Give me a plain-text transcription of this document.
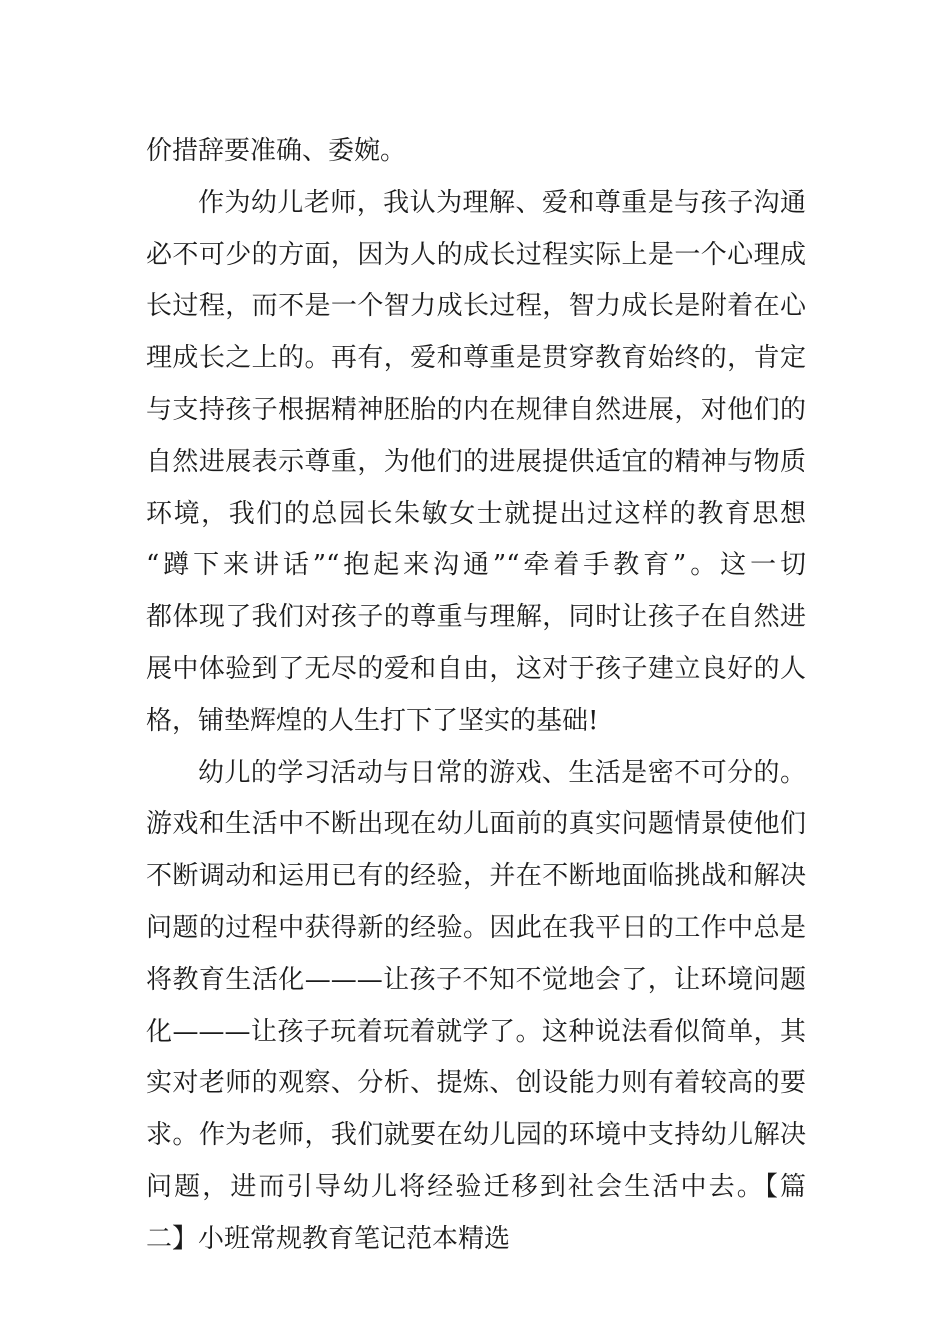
价措辞要准确、委婉。
作为幼儿老师，我认为理解、爱和尊重是与孩子沟通
必不可少的方面，因为人的成长过程实际上是一个心理成
长过程，而不是一个智力成长过程，智力成长是附着在心
理成长之上的。再有，爱和尊重是贯穿教育始终的，肯定
与支持孩子根据精神胚胎的内在规律自然进展，对他们的
自然进展表示尊重，为他们的进展提供适宜的精神与物质
环境，我们的总园长朱敏女士就提出过这样的教育思想
“蹲下来讲话”“抱起来沟通”“牵着手教育”。这一切
都体现了我们对孩子的尊重与理解，同时让孩子在自然进
展中体验到了无尽的爱和自由，这对于孩子建立良好的人
格，铺垫辉煌的人生打下了坚实的基础!
幼儿的学习活动与日常的游戏、生活是密不可分的。
游戏和生活中不断出现在幼儿面前的真实问题情景使他们
不断调动和运用已有的经验，并在不断地面临挑战和解决
问题的过程中获得新的经验。因此在我平日的工作中总是
将教育生活化———让孩子不知不觉地会了，让环境问题
化———让孩子玩着玩着就学了。这种说法看似简单，其
实对老师的观察、分析、提炼、创设能力则有着较高的要
求。作为老师，我们就要在幼儿园的环境中支持幼儿解决
问题，进而引导幼儿将经验迁移到社会生活中去。【篇
二】小班常规教育笔记范本精选
